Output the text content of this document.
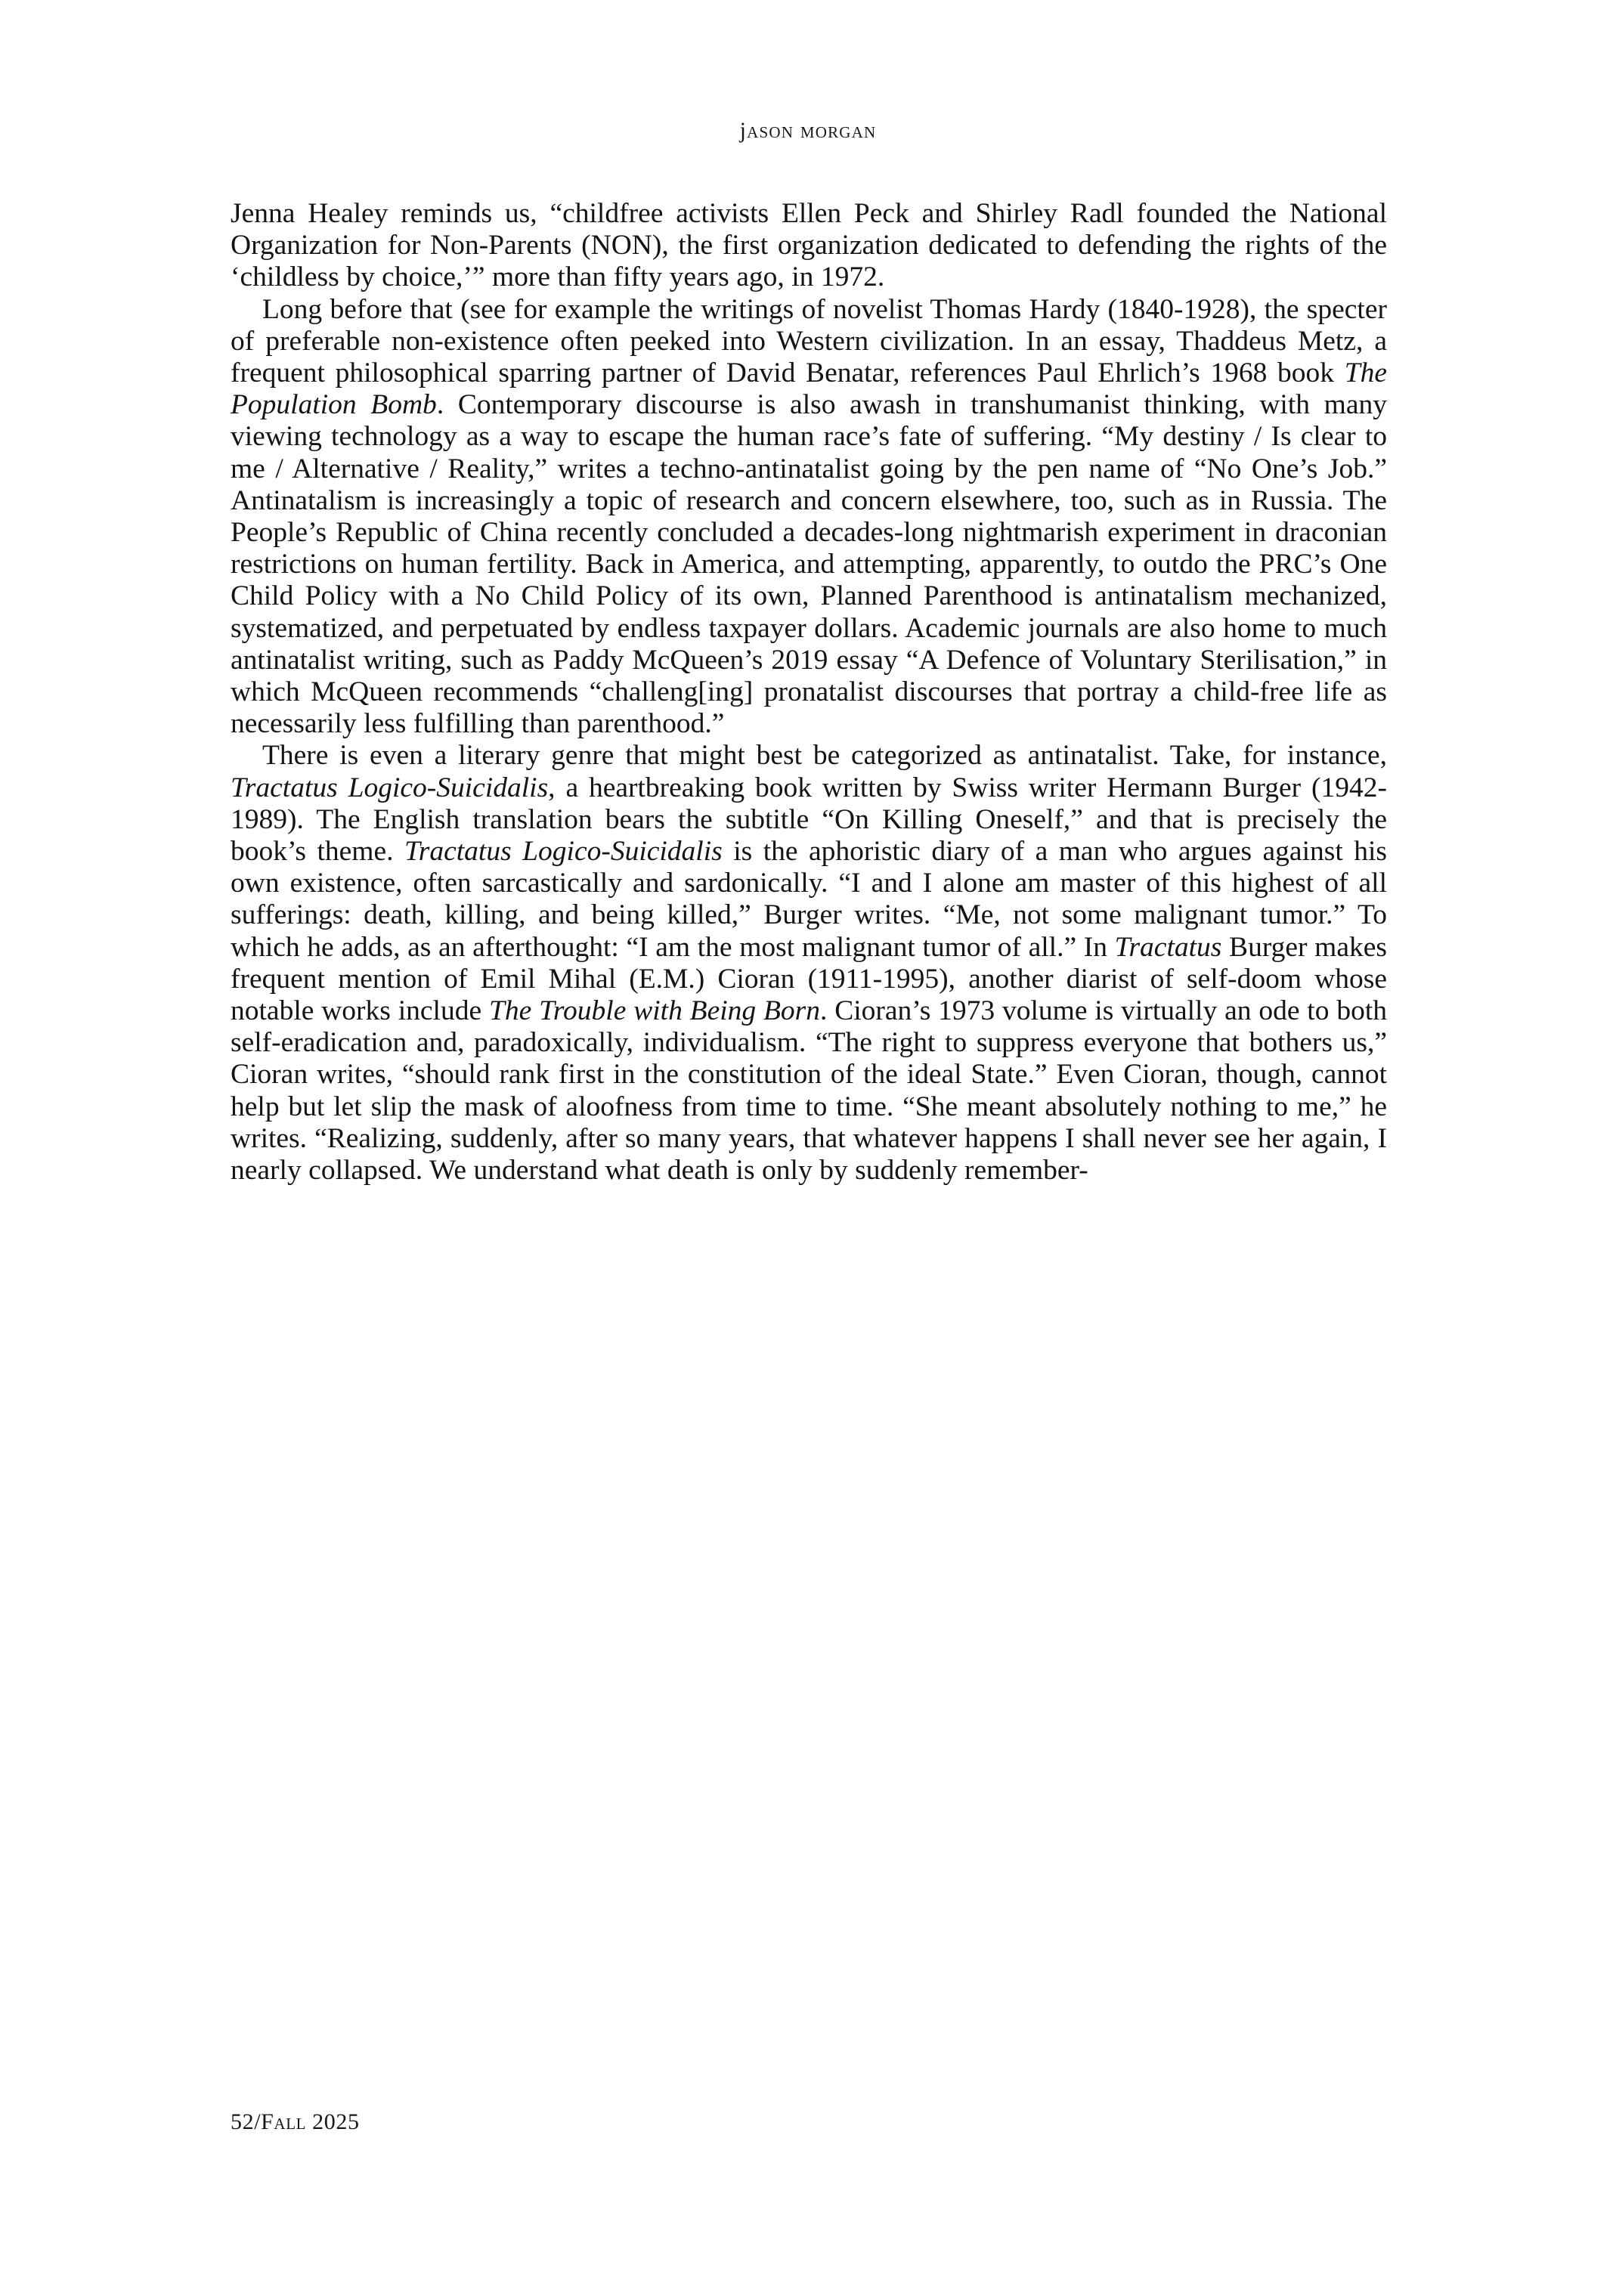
jason morgan

Jenna Healey reminds us, “childfree activists Ellen Peck and Shirley Radl founded the National Organization for Non-Parents (NON), the first organization dedicated to defending the rights of the ‘childless by choice,’” more than fifty years ago, in 1972.

Long before that (see for example the writings of novelist Thomas Hardy (1840-1928), the specter of preferable non-existence often peeked into Western civilization. In an essay, Thaddeus Metz, a frequent philosophical sparring partner of David Benatar, references Paul Ehrlich’s 1968 book The Population Bomb. Contemporary discourse is also awash in transhumanist thinking, with many viewing technology as a way to escape the human race’s fate of suffering. “My destiny / Is clear to me / Alternative / Reality,” writes a techno-antinatalist going by the pen name of “No One’s Job.” Antinatalism is increasingly a topic of research and concern elsewhere, too, such as in Russia. The People’s Republic of China recently concluded a decades-long nightmarish experiment in draconian restrictions on human fertility. Back in America, and attempting, apparently, to outdo the PRC’s One Child Policy with a No Child Policy of its own, Planned Parenthood is antinatalism mechanized, systematized, and perpetuated by endless taxpayer dollars. Academic journals are also home to much antinatalist writing, such as Paddy McQueen’s 2019 essay “A Defence of Voluntary Sterilisation,” in which McQueen recommends “challeng[ing] pronatalist discourses that portray a child-free life as necessarily less fulfilling than parenthood.”

There is even a literary genre that might best be categorized as antinatalist. Take, for instance, Tractatus Logico-Suicidalis, a heartbreaking book written by Swiss writer Hermann Burger (1942-1989). The English translation bears the subtitle “On Killing Oneself,” and that is precisely the book’s theme. Tractatus Logico-Suicidalis is the aphoristic diary of a man who argues against his own existence, often sarcastically and sardonically. “I and I alone am master of this highest of all sufferings: death, killing, and being killed,” Burger writes. “Me, not some malignant tumor.” To which he adds, as an afterthought: “I am the most malignant tumor of all.” In Tractatus Burger makes frequent mention of Emil Mihal (E.M.) Cioran (1911-1995), another diarist of self-doom whose notable works include The Trouble with Being Born. Cioran’s 1973 volume is virtually an ode to both self-eradication and, paradoxically, individualism. “The right to suppress everyone that bothers us,” Cioran writes, “should rank first in the constitution of the ideal State.” Even Cioran, though, cannot help but let slip the mask of aloofness from time to time. “She meant absolutely nothing to me,” he writes. “Realizing, suddenly, after so many years, that whatever happens I shall never see her again, I nearly collapsed. We understand what death is only by suddenly remember-

52/Fall 2025
